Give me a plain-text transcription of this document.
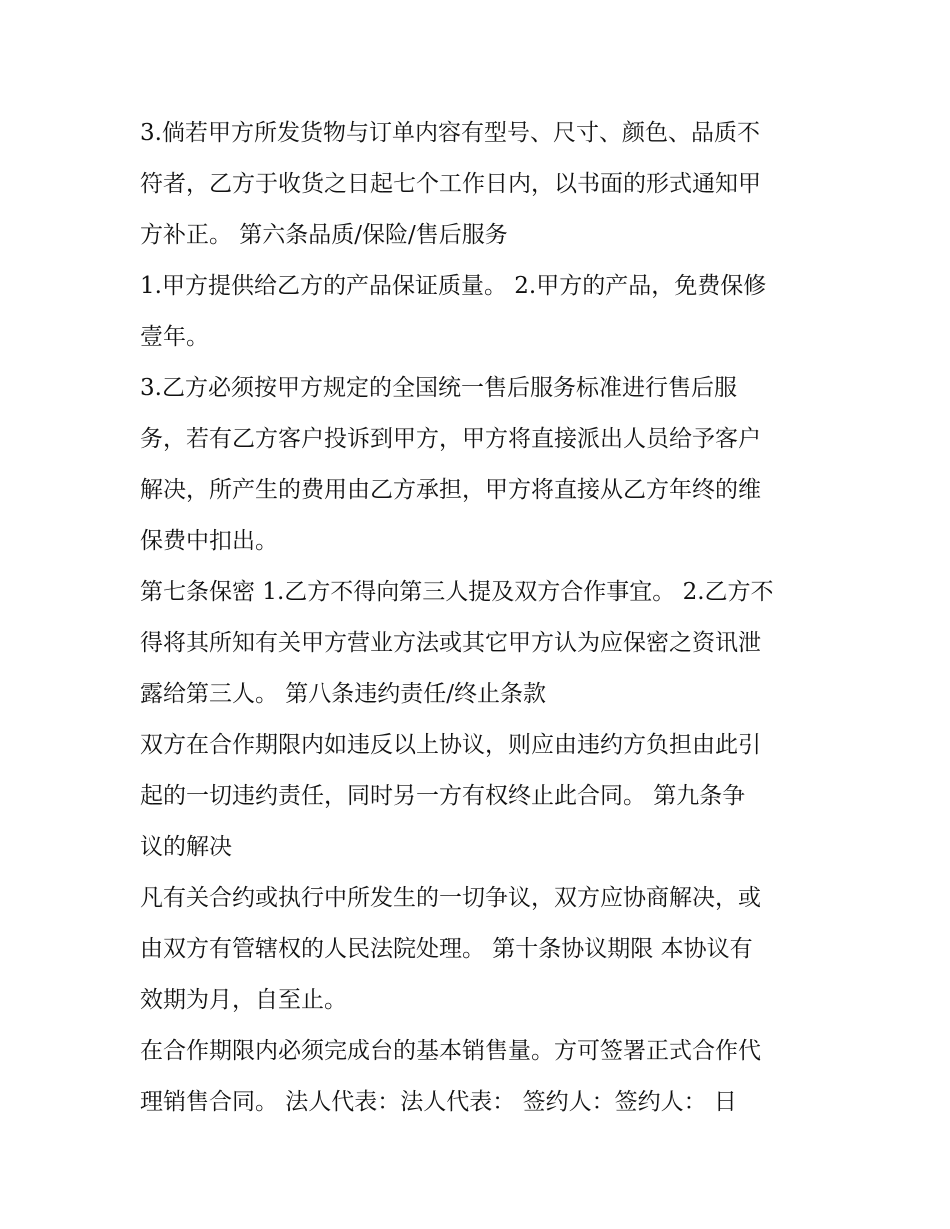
3.倘若甲方所发货物与订单内容有型号、尺寸、颜色、品质不
符者，乙方于收货之日起七个工作日内，以书面的形式通知甲
方补正。 第六条品质/保险/售后服务
1.甲方提供给乙方的产品保证质量。 2.甲方的产品，免费保修
壹年。
3.乙方必须按甲方规定的全国统一售后服务标准进行售后服
务，若有乙方客户投诉到甲方，甲方将直接派出人员给予客户
解决，所产生的费用由乙方承担，甲方将直接从乙方年终的维
保费中扣出。
第七条保密 1.乙方不得向第三人提及双方合作事宜。 2.乙方不
得将其所知有关甲方营业方法或其它甲方认为应保密之资讯泄
露给第三人。 第八条违约责任/终止条款
双方在合作期限内如违反以上协议，则应由违约方负担由此引
起的一切违约责任，同时另一方有权终止此合同。 第九条争
议的解决
凡有关合约或执行中所发生的一切争议，双方应协商解决，或
由双方有管辖权的人民法院处理。 第十条协议期限 本协议有
效期为月，自至止。
在合作期限内必须完成台的基本销售量。方可签署正式合作代
理销售合同。 法人代表：法人代表： 签约人：签约人： 日
